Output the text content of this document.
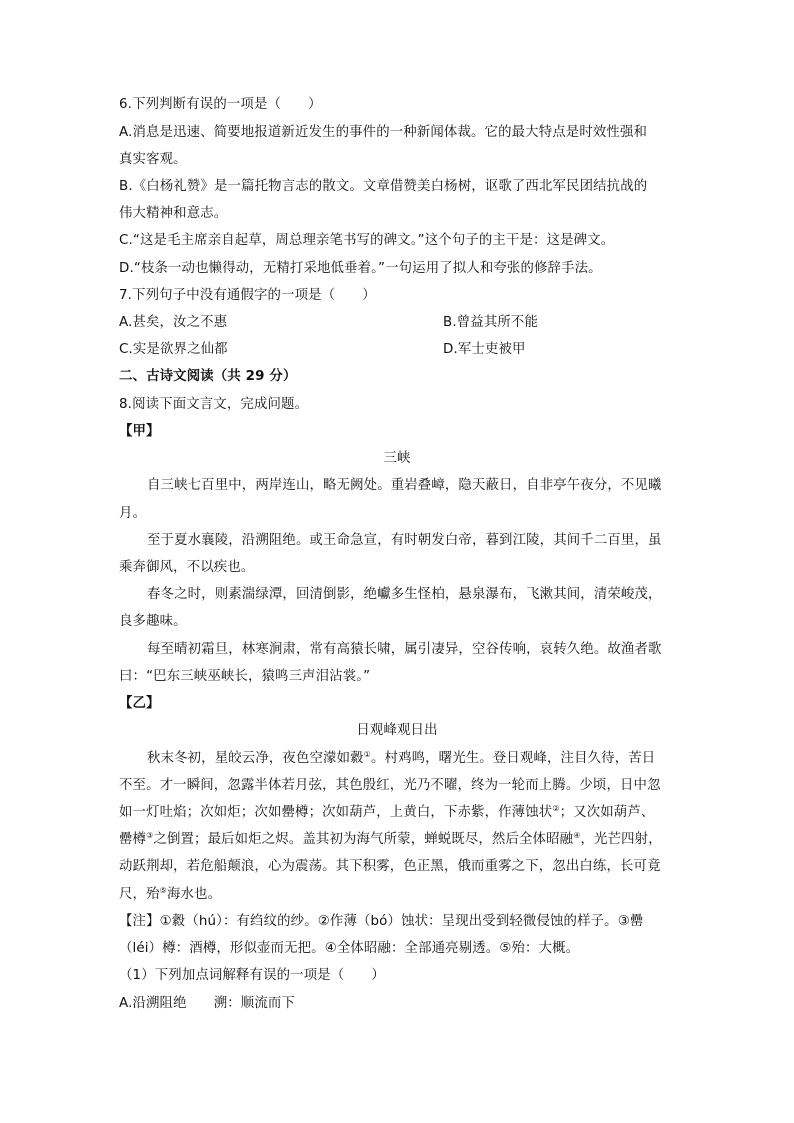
6.下列判断有误的一项是（　　）
A.消息是迅速、简要地报道新近发生的事件的一种新闻体裁。它的最大特点是时效性强和
真实客观。
B.《白杨礼赞》是一篇托物言志的散文。文章借赞美白杨树，讴歌了西北军民团结抗战的
伟大精神和意志。
C.“这是毛主席亲自起草，周总理亲笔书写的碑文。”这个句子的主干是：这是碑文。
D.“枝条一动也懒得动，无精打采地低垂着。”一句运用了拟人和夸张的修辞手法。
7.下列句子中没有通假字的一项是（　　）
A.甚矣，汝之不惠	B.曾益其所不能
C.实是欲界之仙都	D.军士吏被甲
二、古诗文阅读（共 29 分）
8.阅读下面文言文，完成问题。
【甲】
三峡
自三峡七百里中，两岸连山，略无阙处。重岩叠嶂，隐天蔽日，自非亭午夜分，不见曦
月。
至于夏水襄陵，沿溯阻绝。或王命急宣，有时朝发白帝，暮到江陵，其间千二百里，虽
乘奔御风，不以疾也。
春冬之时，则素湍绿潭，回清倒影，绝巘多生怪柏，悬泉瀑布，飞漱其间，清荣峻茂，
良多趣味。
每至晴初霜旦，林寒涧肃，常有高猿长啸，属引凄异，空谷传响，哀转久绝。故渔者歌
曰：“巴东三峡巫峡长，猿鸣三声泪沾裳。”
【乙】
日观峰观日出
秋末冬初，星皎云净，夜色空濛如縠①。村鸡鸣，曙光生。登日观峰，注目久待，苦日
不至。才一瞬间，忽露半体若月弦，其色殷红，光乃不曜，终为一轮而上腾。少顷，日中忽
如一灯吐焰；次如炬；次如罍樽；次如葫芦，上黄白，下赤紫，作薄蚀状②；又次如葫芦、
罍樽③之倒置；最后如炬之烬。盖其初为海气所蒙，蝉蜕既尽，然后全体昭融④，光芒四射，
动跃荆却，若危船颠浪，心为震荡。其下积雾，色正黑，俄而重雾之下，忽出白练，长可竟
尺，殆⑤海水也。
【注】①縠（hú）：有绉纹的纱。②作薄（bó）蚀状：呈现出受到轻微侵蚀的样子。③罍
（léi）樽：酒樽，形似壶而无把。④全体昭融：全部通亮剔透。⑤殆：大概。
（1）下列加点词解释有误的一项是（　　）
A.沿溯阻绝　　溯：顺流而下
